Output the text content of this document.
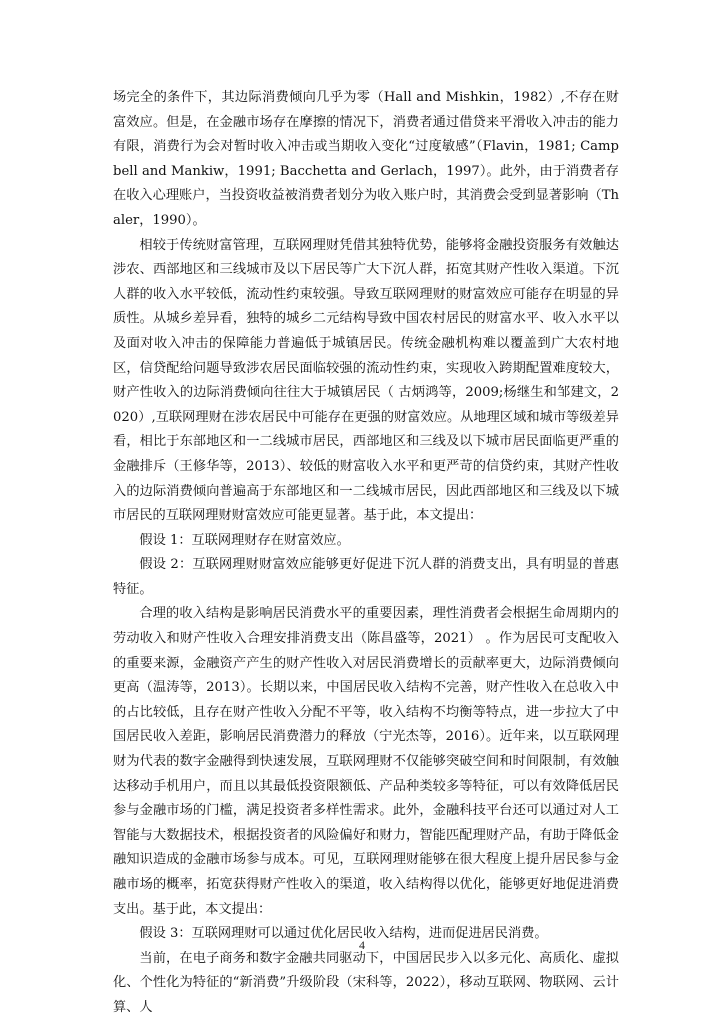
场完全的条件下，其边际消费倾向几乎为零（Hall and Mishkin，1982）,不存在财富效应。但是，在金融市场存在摩擦的情况下，消费者通过借贷来平滑收入冲击的能力有限，消费行为会对暂时收入冲击或当期收入变化“过度敏感”（Flavin，1981; Campbell and Mankiw，1991; Bacchetta and Gerlach，1997）。此外，由于消费者存在收入心理账户，当投资收益被消费者划分为收入账户时，其消费会受到显著影响（Thaler，1990）。

相较于传统财富管理，互联网理财凭借其独特优势，能够将金融投资服务有效触达涉农、西部地区和三线城市及以下居民等广大下沉人群，拓宽其财产性收入渠道。下沉人群的收入水平较低，流动性约束较强。导致互联网理财的财富效应可能存在明显的异质性。从城乡差异看，独特的城乡二元结构导致中国农村居民的财富水平、收入水平以及面对收入冲击的保障能力普遍低于城镇居民。传统金融机构难以覆盖到广大农村地区，信贷配给问题导致涉农居民面临较强的流动性约束，实现收入跨期配置难度较大，财产性收入的边际消费倾向往往大于城镇居民（ 古炳鸿等，2009;杨继生和邹建文，2020）,互联网理财在涉农居民中可能存在更强的财富效应。从地理区域和城市等级差异看，相比于东部地区和一二线城市居民，西部地区和三线及以下城市居民面临更严重的金融排斥（王修华等，2013）、较低的财富收入水平和更严苛的信贷约束，其财产性收入的边际消费倾向普遍高于东部地区和一二线城市居民，因此西部地区和三线及以下城市居民的互联网理财财富效应可能更显著。基于此，本文提出：

假设 1：互联网理财存在财富效应。

假设 2：互联网理财财富效应能够更好促进下沉人群的消费支出，具有明显的普惠特征。

合理的收入结构是影响居民消费水平的重要因素，理性消费者会根据生命周期内的劳动收入和财产性收入合理安排消费支出（陈昌盛等，2021） 。作为居民可支配收入的重要来源，金融资产产生的财产性收入对居民消费增长的贡献率更大，边际消费倾向更高（温涛等，2013）。长期以来，中国居民收入结构不完善，财产性收入在总收入中的占比较低，且存在财产性收入分配不平等，收入结构不均衡等特点，进一步拉大了中国居民收入差距，影响居民消费潜力的释放（宁光杰等，2016）。近年来，以互联网理财为代表的数字金融得到快速发展，互联网理财不仅能够突破空间和时间限制，有效触达移动手机用户，而且以其最低投资限额低、产品种类较多等特征，可以有效降低居民参与金融市场的门槛，满足投资者多样性需求。此外，金融科技平台还可以通过对人工智能与大数据技术，根据投资者的风险偏好和财力，智能匹配理财产品，有助于降低金融知识造成的金融市场参与成本。可见，互联网理财能够在很大程度上提升居民参与金融市场的概率，拓宽获得财产性收入的渠道，收入结构得以优化，能够更好地促进消费支出。基于此，本文提出：

假设 3：互联网理财可以通过优化居民收入结构，进而促进居民消费。

当前，在电子商务和数字金融共同驱动下，中国居民步入以多元化、高质化、虚拟化、个性化为特征的“新消费”升级阶段（宋科等，2022），移动互联网、物联网、云计算、人

4
